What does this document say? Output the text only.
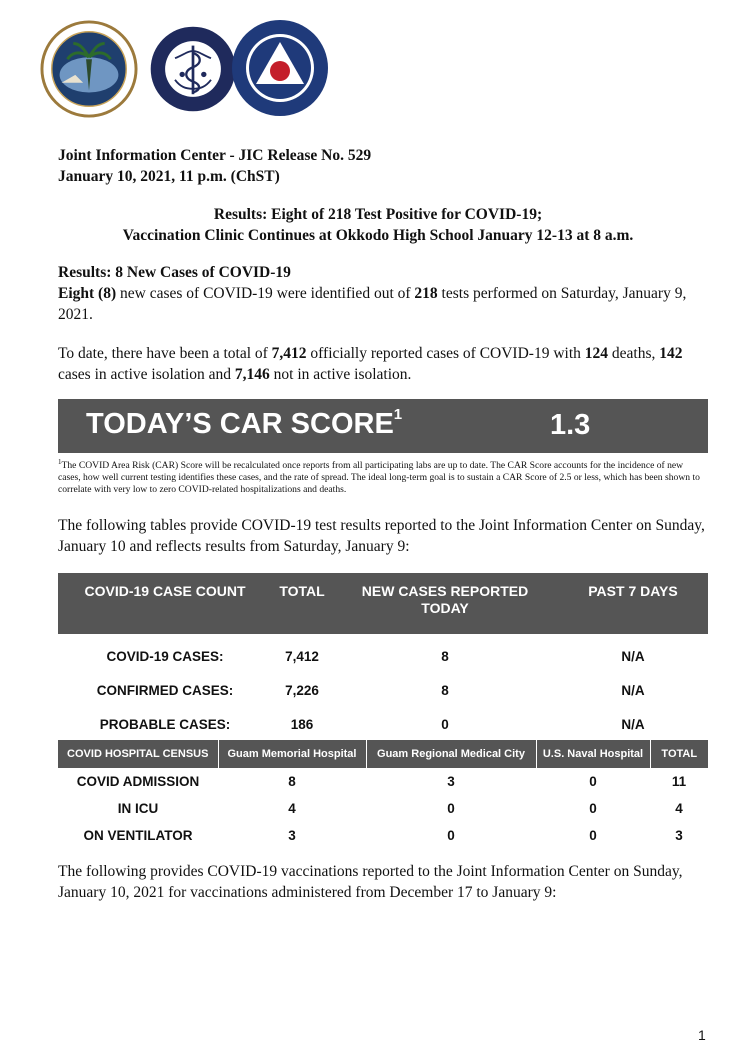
Joint Information Center - JIC Release No. 529
January 10, 2021, 11 p.m. (ChST)
Results: Eight of 218 Test Positive for COVID-19;
Vaccination Clinic Continues at Okkodo High School January 12-13 at 8 a.m.
Results: 8 New Cases of COVID-19
Eight (8) new cases of COVID-19 were identified out of 218 tests performed on Saturday, January 9, 2021.
To date, there have been a total of 7,412 officially reported cases of COVID-19 with 124 deaths, 142 cases in active isolation and 7,146 not in active isolation.
TODAY’S CAR SCORE$^1$	1.3
$^1$The COVID Area Risk (CAR) Score will be recalculated once reports from all participating labs are up to date. The CAR Score accounts for the incidence of new cases, how well current testing identifies these cases, and the rate of spread. The ideal long-term goal is to sustain a CAR Score of 2.5 or less, which has been shown to correlate with very low to zero COVID-related hospitalizations and deaths.
The following tables provide COVID-19 test results reported to the Joint Information Center on Sunday, January 10 and reflects results from Saturday, January 9:
COVID-19 CASE COUNT	TOTAL	NEW CASES REPORTED TODAY	PAST 7 DAYS
COVID-19 CASES:	7,412	8	N/A
CONFIRMED CASES:	7,226	8	N/A
PROBABLE CASES:	186	0	N/A
COVID HOSPITAL CENSUS	Guam Memorial Hospital	Guam Regional Medical City	U.S. Naval Hospital	TOTAL
COVID ADMISSION	8	3	0	11
IN ICU	4	0	0	4
ON VENTILATOR	3	0	0	3
The following provides COVID-19 vaccinations reported to the Joint Information Center on Sunday, January 10, 2021 for vaccinations administered from December 17 to January 9:
1
